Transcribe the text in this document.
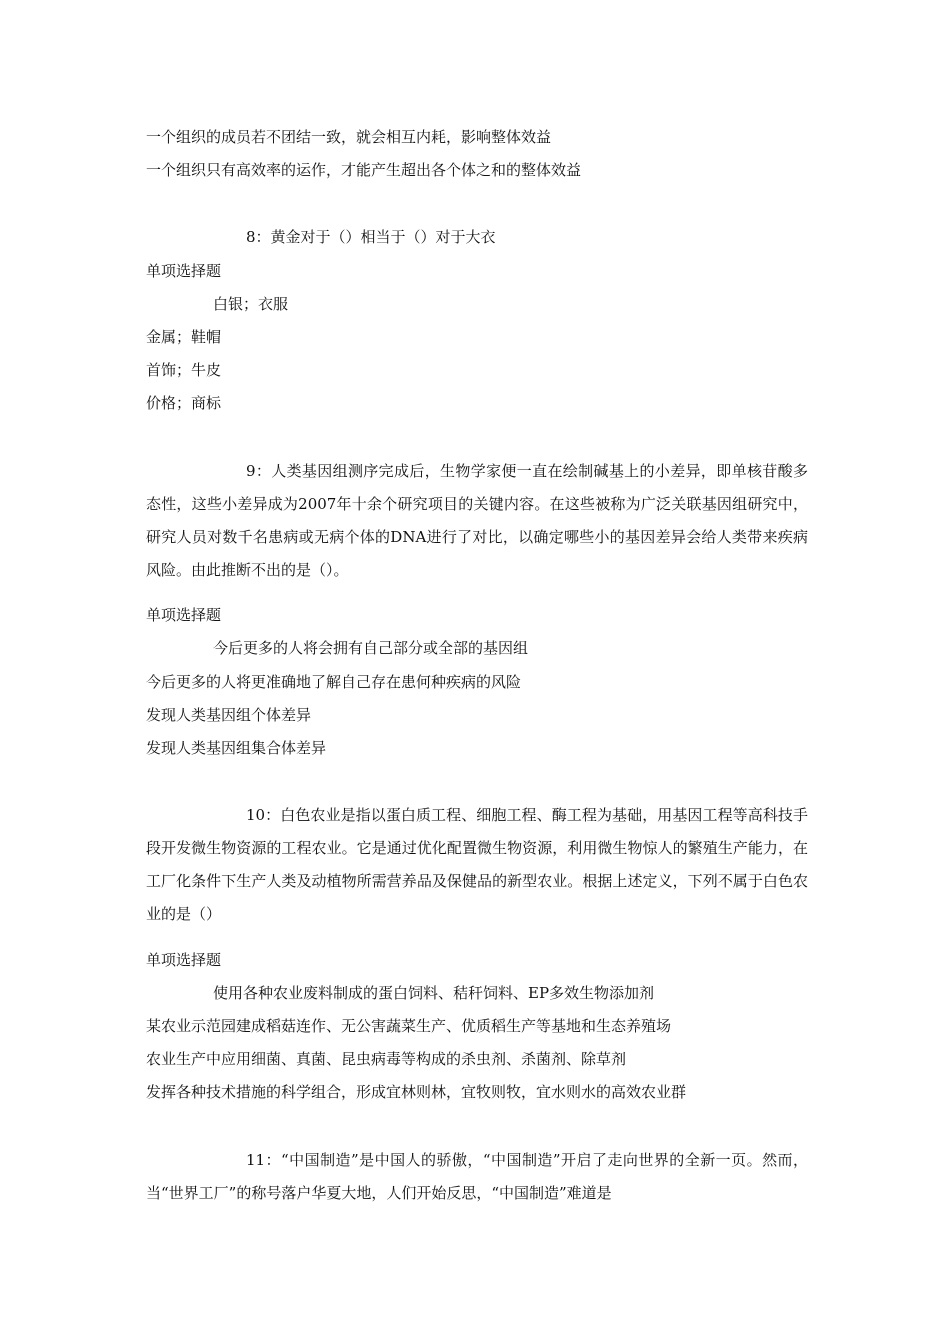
一个组织的成员若不团结一致，就会相互内耗，影响整体效益
一个组织只有高效率的运作，才能产生超出各个体之和的整体效益
8：黄金对于（）相当于（）对于大衣
单项选择题
白银；衣服
金属；鞋帽
首饰；牛皮
价格；商标
9：人类基因组测序完成后，生物学家便一直在绘制碱基上的小差异，即单核苷酸多态性，这些小差异成为2007年十余个研究项目的关键内容。在这些被称为广泛关联基因组研究中，研究人员对数千名患病或无病个体的DNA进行了对比，以确定哪些小的基因差异会给人类带来疾病风险。由此推断不出的是（）。
单项选择题
今后更多的人将会拥有自己部分或全部的基因组
今后更多的人将更准确地了解自己存在患何种疾病的风险
发现人类基因组个体差异
发现人类基因组集合体差异
10：白色农业是指以蛋白质工程、细胞工程、酶工程为基础，用基因工程等高科技手段开发微生物资源的工程农业。它是通过优化配置微生物资源，利用微生物惊人的繁殖生产能力，在工厂化条件下生产人类及动植物所需营养品及保健品的新型农业。根据上述定义，下列不属于白色农业的是（）
单项选择题
使用各种农业废料制成的蛋白饲料、秸秆饲料、EP多效生物添加剂
某农业示范园建成稻菇连作、无公害蔬菜生产、优质稻生产等基地和生态养殖场
农业生产中应用细菌、真菌、昆虫病毒等构成的杀虫剂、杀菌剂、除草剂
发挥各种技术措施的科学组合，形成宜林则林，宜牧则牧，宜水则水的高效农业群
11：“中国制造”是中国人的骄傲，“中国制造”开启了走向世界的全新一页。然而，当“世界工厂”的称号落户华夏大地，人们开始反思，“中国制造”难道是
